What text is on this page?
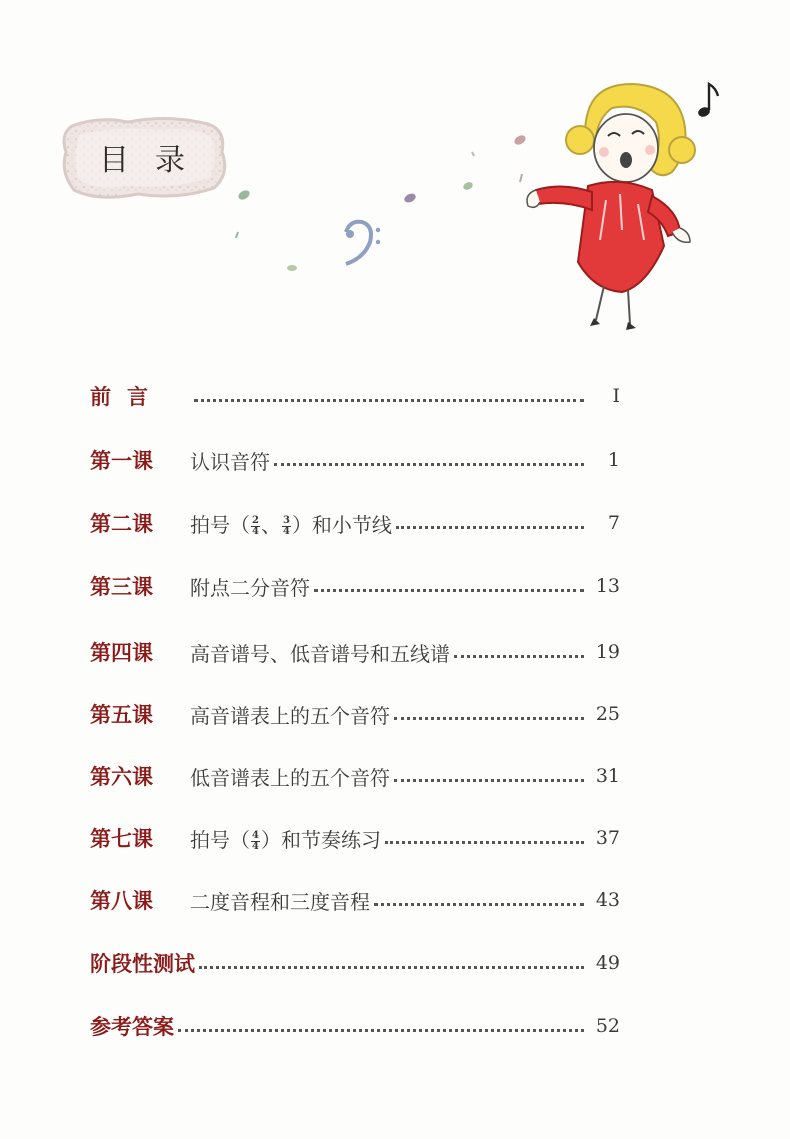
目录
前言	I
第一课	认识音符	1
第二课	拍号（ $\frac{2}{4}$ 、 $\frac{3}{4}$ ）和小节线	7
第三课	附点二分音符	13
第四课	高音谱号、低音谱号和五线谱	19
第五课	高音谱表上的五个音符	25
第六课	低音谱表上的五个音符	31
第七课	拍号（ $\frac{4}{4}$ ）和节奏练习	37
第八课	二度音程和三度音程	43
阶段性测试	49
参考答案	52
